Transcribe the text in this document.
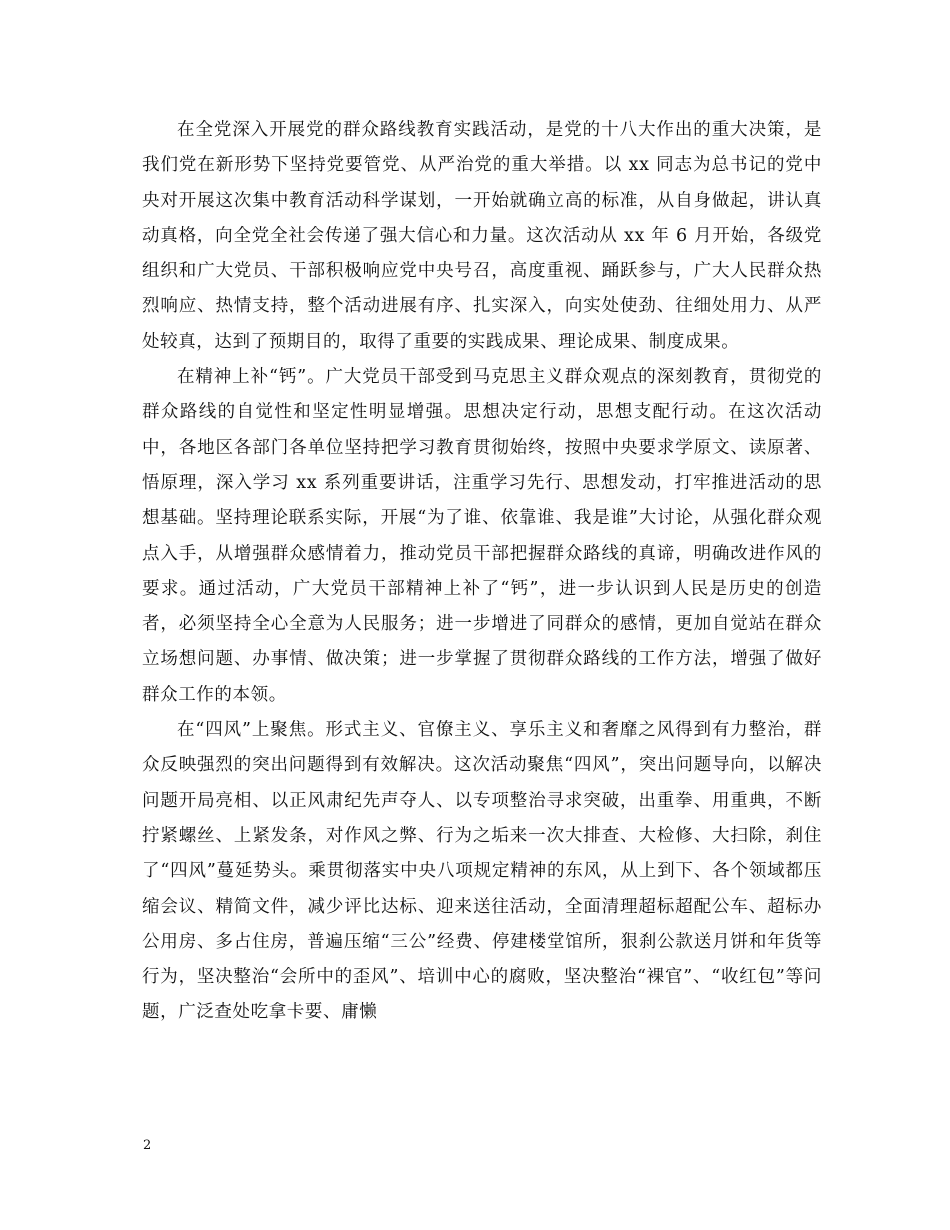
在全党深入开展党的群众路线教育实践活动，是党的十八大作出的重大决策，是我们党在新形势下坚持党要管党、从严治党的重大举措。以 xx 同志为总书记的党中央对开展这次集中教育活动科学谋划，一开始就确立高的标准，从自身做起，讲认真动真格，向全党全社会传递了强大信心和力量。这次活动从 xx 年 6 月开始，各级党组织和广大党员、干部积极响应党中央号召，高度重视、踊跃参与，广大人民群众热烈响应、热情支持，整个活动进展有序、扎实深入，向实处使劲、往细处用力、从严处较真，达到了预期目的，取得了重要的实践成果、理论成果、制度成果。

在精神上补“钙”。广大党员干部受到马克思主义群众观点的深刻教育，贯彻党的群众路线的自觉性和坚定性明显增强。思想决定行动，思想支配行动。在这次活动中，各地区各部门各单位坚持把学习教育贯彻始终，按照中央要求学原文、读原著、悟原理，深入学习 xx 系列重要讲话，注重学习先行、思想发动，打牢推进活动的思想基础。坚持理论联系实际，开展“为了谁、依靠谁、我是谁”大讨论，从强化群众观点入手，从增强群众感情着力，推动党员干部把握群众路线的真谛，明确改进作风的要求。通过活动，广大党员干部精神上补了“钙”，进一步认识到人民是历史的创造者，必须坚持全心全意为人民服务；进一步增进了同群众的感情，更加自觉站在群众立场想问题、办事情、做决策；进一步掌握了贯彻群众路线的工作方法，增强了做好群众工作的本领。

在“四风”上聚焦。形式主义、官僚主义、享乐主义和奢靡之风得到有力整治，群众反映强烈的突出问题得到有效解决。这次活动聚焦“四风”，突出问题导向，以解决问题开局亮相、以正风肃纪先声夺人、以专项整治寻求突破，出重拳、用重典，不断拧紧螺丝、上紧发条，对作风之弊、行为之垢来一次大排查、大检修、大扫除，刹住了“四风”蔓延势头。乘贯彻落实中央八项规定精神的东风，从上到下、各个领域都压缩会议、精简文件，减少评比达标、迎来送往活动，全面清理超标超配公车、超标办公用房、多占住房，普遍压缩“三公”经费、停建楼堂馆所，狠刹公款送月饼和年货等行为，坚决整治“会所中的歪风”、培训中心的腐败，坚决整治“裸官”、“收红包”等问题，广泛查处吃拿卡要、庸懒

2
